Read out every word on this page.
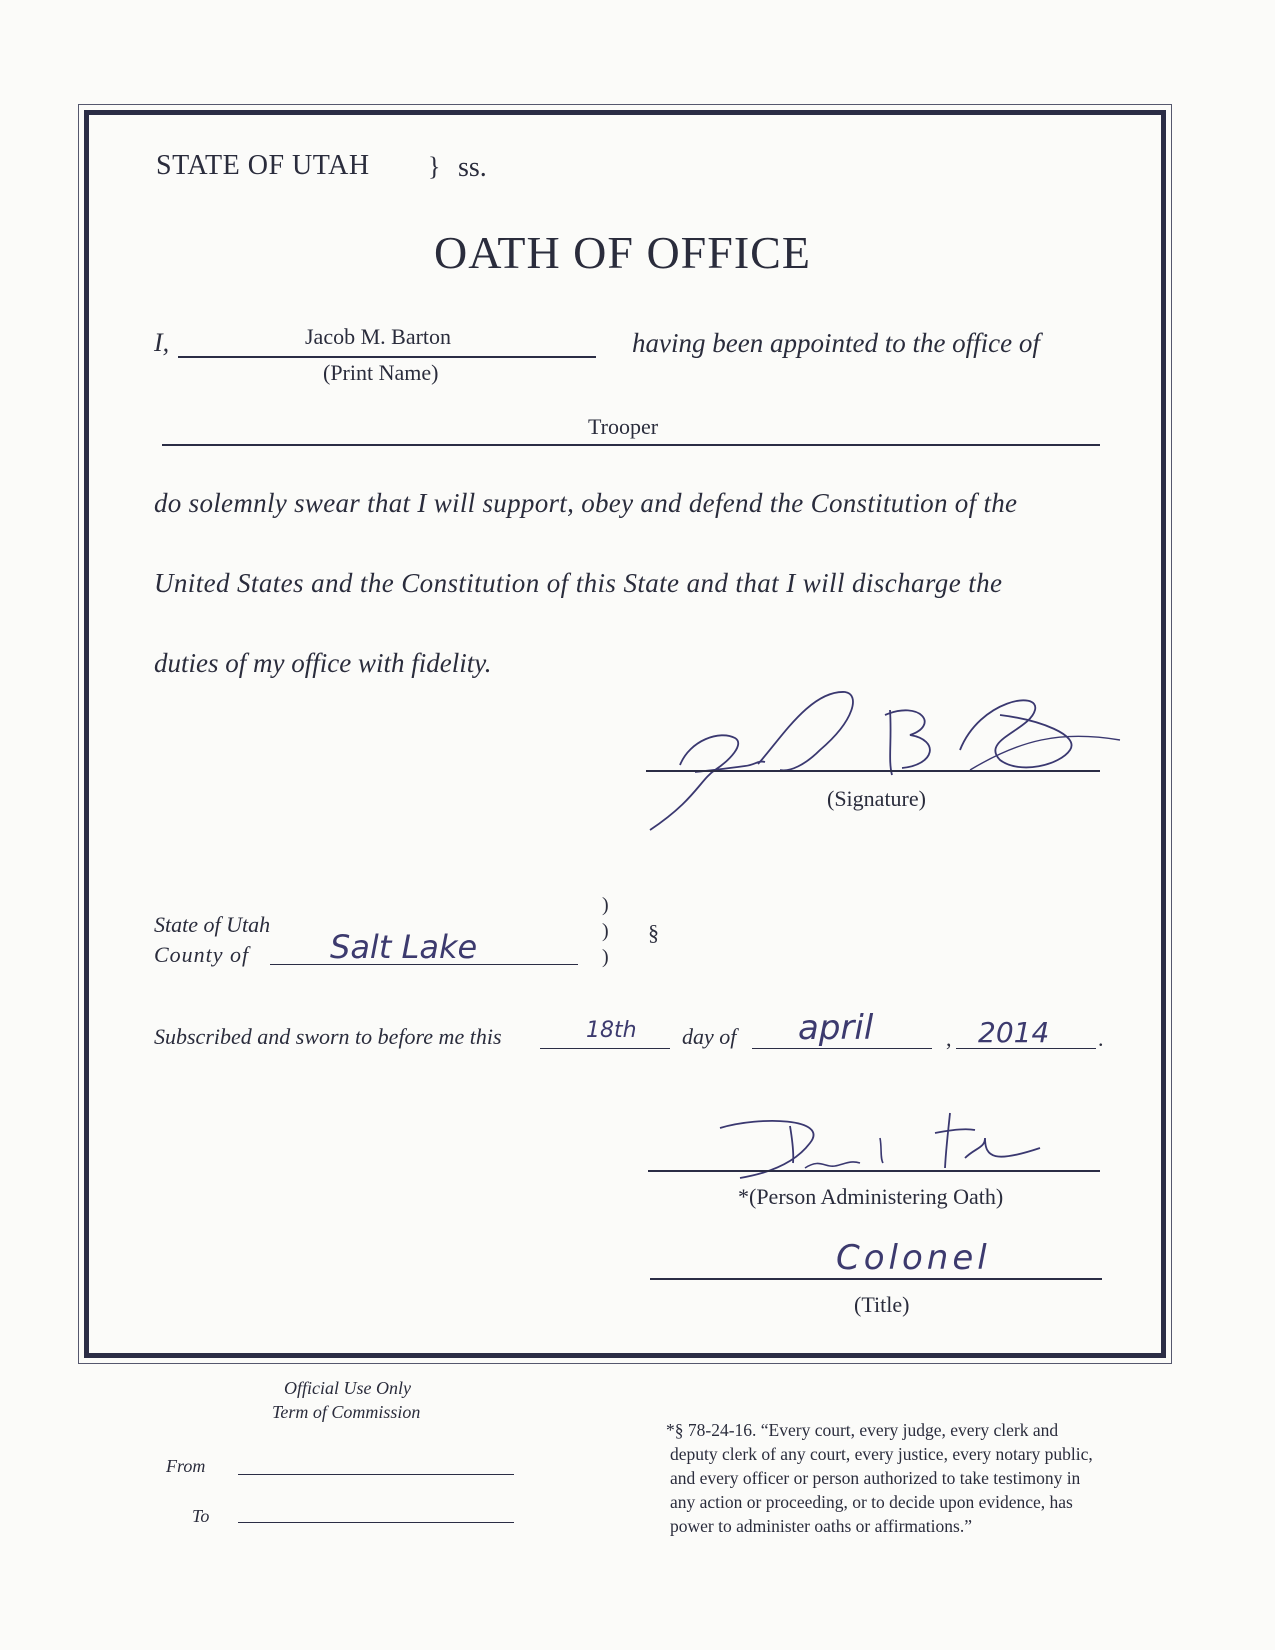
STATE OF UTAH } ss.
OATH OF OFFICE
I,	Jacob M. Barton
(Print Name)
having been appointed to the office of
Trooper
do solemnly swear that I will support, obey and defend the Constitution of the
United States and the Constitution of this State and that I will discharge the
duties of my office with fidelity.
(Signature)
State of Utah
County of	Salt Lake
)
)
)
§
Subscribed and sworn to before me this	18th day of april	, 2014 .
*(Person Administering Oath)
Colonel
(Title)
Official Use Only
Term of Commission
From
To
*§ 78-24-16. “Every court, every judge, every clerk and
deputy clerk of any court, every justice, every notary public,
and every officer or person authorized to take testimony in
any action or proceeding, or to decide upon evidence, has
power to administer oaths or affirmations.”
